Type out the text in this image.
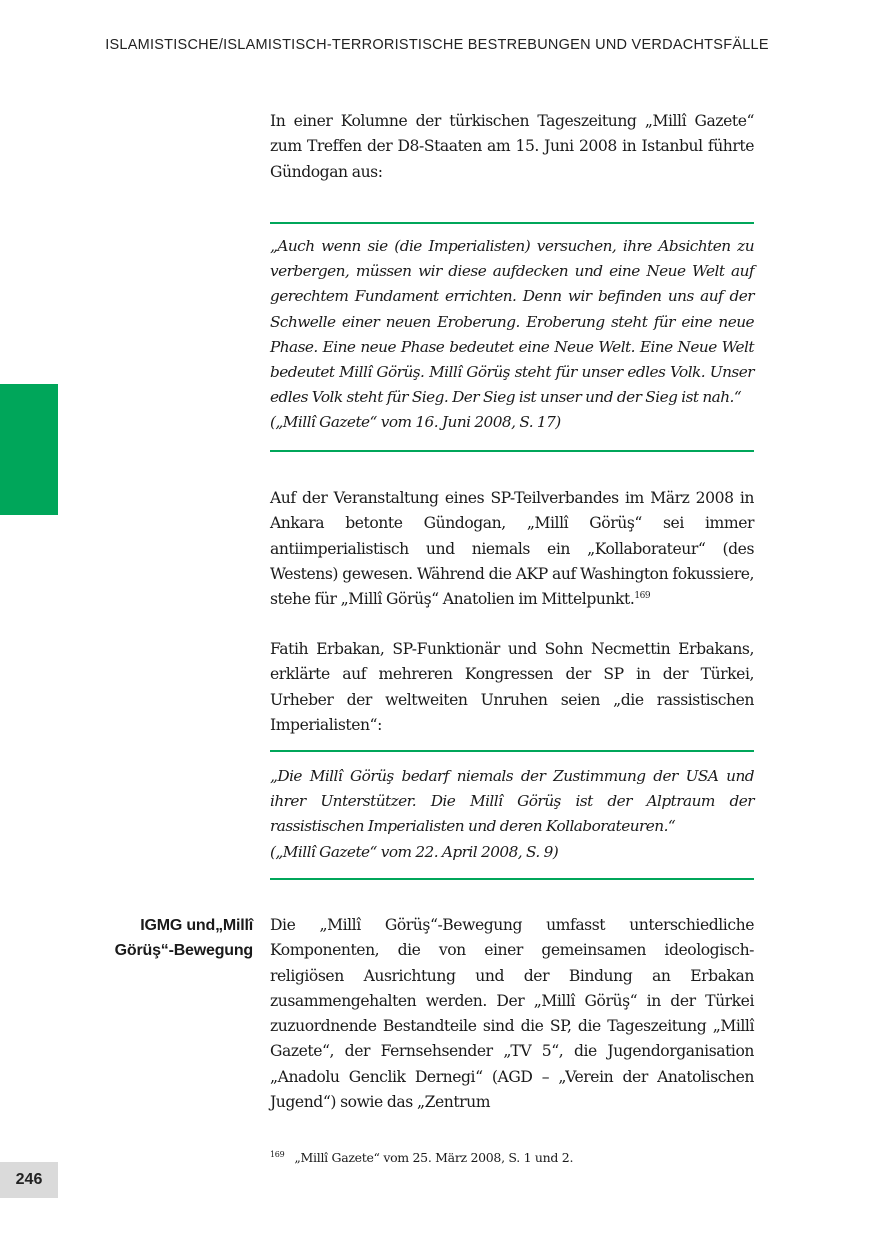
ISLAMISTISCHE/ISLAMISTISCH-TERRORISTISCHE BESTREBUNGEN UND VERDACHTSFÄLLE

In einer Kolumne der türkischen Tageszeitung „Millî Gazete“ zum Treffen der D8-Staaten am 15. Juni 2008 in Istanbul führte Gündogan aus:

„Auch wenn sie (die Imperialisten) versuchen, ihre Absichten zu verbergen, müssen wir diese aufdecken und eine Neue Welt auf gerechtem Fundament errichten. Denn wir befinden uns auf der Schwelle einer neuen Eroberung. Eroberung steht für eine neue Phase. Eine neue Phase bedeutet eine Neue Welt. Eine Neue Welt bedeutet Millî Görüş. Millî Görüş steht für unser edles Volk. Unser edles Volk steht für Sieg. Der Sieg ist unser und der Sieg ist nah.“

(„Millî Gazete“ vom 16. Juni 2008, S. 17)

Auf der Veranstaltung eines SP-Teilverbandes im März 2008 in Ankara betonte Gündogan, „Millî Görüş“ sei immer antiimperialistisch und niemals ein „Kollaborateur“ (des Westens) gewesen. Während die AKP auf Washington fokussiere, stehe für „Millî Görüş“ Anatolien im Mittelpunkt.$^{169}$

Fatih Erbakan, SP-Funktionär und Sohn Necmettin Erbakans, erklärte auf mehreren Kongressen der SP in der Türkei, Urheber der weltweiten Unruhen seien „die rassistischen Imperialisten“:

„Die Millî Görüş bedarf niemals der Zustimmung der USA und ihrer Unterstützer. Die Millî Görüş ist der Alptraum der rassistischen Imperialisten und deren Kollaborateuren.“

(„Millî Gazete“ vom 22. April 2008, S. 9)

IGMG und„Millî
Görüş“-Bewegung

Die „Millî Görüş“-Bewegung umfasst unterschiedliche Komponenten, die von einer gemeinsamen ideologisch-religiösen Ausrichtung und der Bindung an Erbakan zusammengehalten werden. Der „Millî Görüş“ in der Türkei zuzuordnende Bestandteile sind die SP, die Tageszeitung „Millî Gazete“, der Fernsehsender „TV 5“, die Jugendorganisation „Anadolu Genclik Dernegi“ (AGD – „Verein der Anatolischen Jugend“) sowie das „Zentrum

$^{169}$ „Millî Gazete“ vom 25. März 2008, S. 1 und 2.
246
